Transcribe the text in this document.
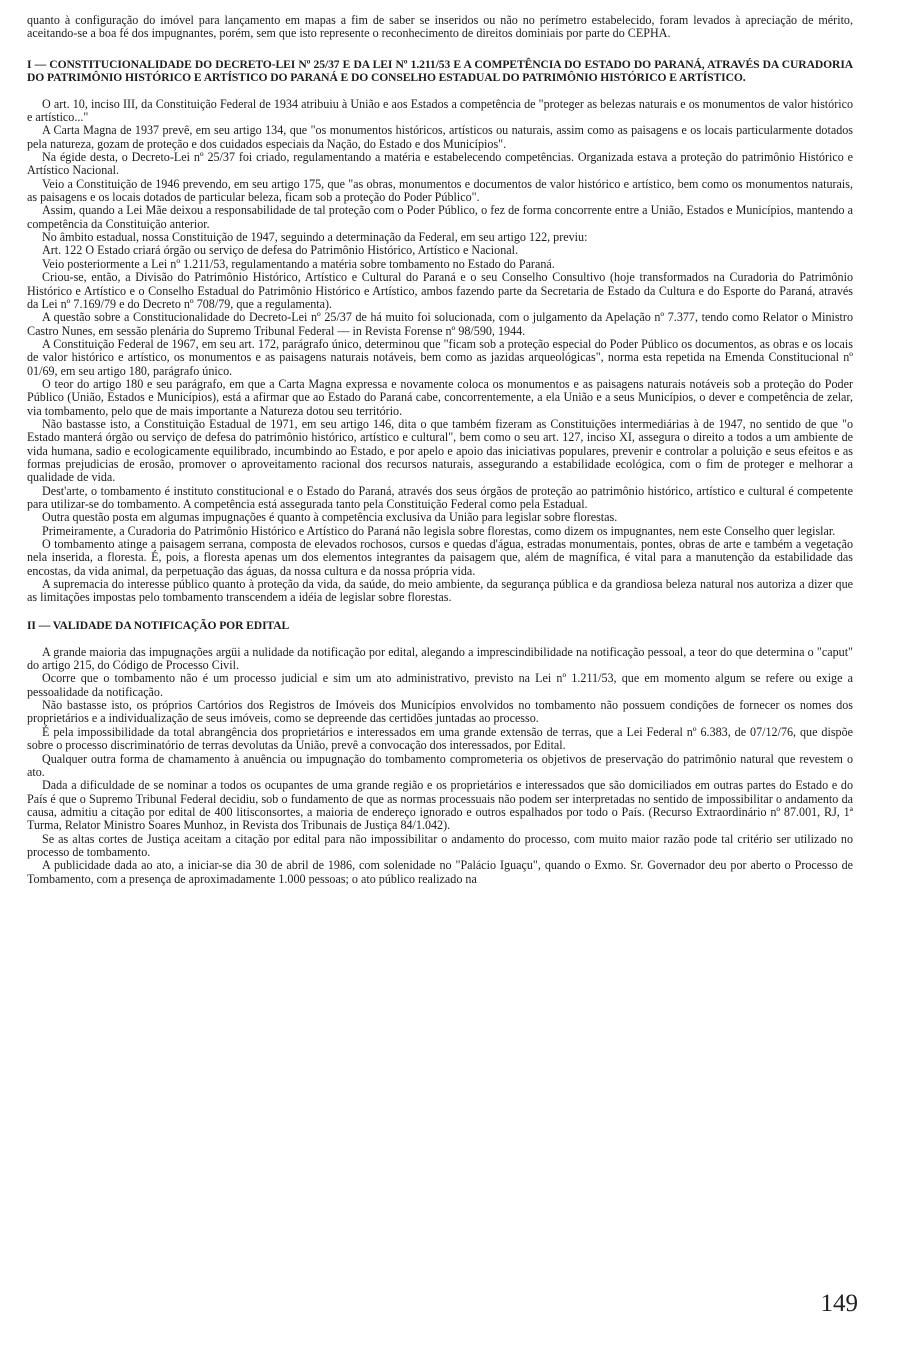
quanto à configuração do imóvel para lançamento em mapas a fim de saber se inseridos ou não no perímetro estabelecido, foram levados à apreciação de mérito, aceitando-se a boa fé dos impugnantes, porém, sem que isto represente o reconhecimento de direitos dominiais por parte do CEPHA.

I — CONSTITUCIONALIDADE DO DECRETO-LEI Nº 25/37 E DA LEI Nº 1.211/53 E A COMPETÊNCIA DO ESTADO DO PARANÁ, ATRAVÉS DA CURADORIA DO PATRIMÔNIO HISTÓRICO E ARTÍSTICO DO PARANÁ E DO CONSELHO ESTADUAL DO PATRIMÔNIO HISTÓRICO E ARTÍSTICO.

O art. 10, inciso III, da Constituição Federal de 1934 atribuiu à União e aos Estados a competência de "proteger as belezas naturais e os monumentos de valor histórico e artístico..."

A Carta Magna de 1937 prevê, em seu artigo 134, que "os monumentos históricos, artísticos ou naturais, assim como as paisagens e os locais particularmente dotados pela natureza, gozam de proteção e dos cuidados especiais da Nação, do Estado e dos Municípios".

Na égide desta, o Decreto-Lei nº 25/37 foi criado, regulamentando a matéria e estabelecendo competências. Organizada estava a proteção do patrimônio Histórico e Artístico Nacional.

Veio a Constituição de 1946 prevendo, em seu artigo 175, que "as obras, monumentos e documentos de valor histórico e artístico, bem como os monumentos naturais, as paisagens e os locais dotados de particular beleza, ficam sob a proteção do Poder Público".

Assim, quando a Lei Mãe deixou a responsabilidade de tal proteção com o Poder Público, o fez de forma concorrente entre a União, Estados e Municípios, mantendo a competência da Constituição anterior.

No âmbito estadual, nossa Constituição de 1947, seguindo a determinação da Federal, em seu artigo 122, previu:

Art. 122 O Estado criará órgão ou serviço de defesa do Patrimônio Histórico, Artístico e Nacional.

Veio posteriormente a Lei nº 1.211/53, regulamentando a matéria sobre tombamento no Estado do Paraná.

Criou-se, então, a Divisão do Patrimônio Histórico, Artístico e Cultural do Paraná e o seu Conselho Consultivo (hoje transformados na Curadoria do Patrimônio Histórico e Artístico e o Conselho Estadual do Patrimônio Histórico e Artístico, ambos fazendo parte da Secretaria de Estado da Cultura e do Esporte do Paraná, através da Lei nº 7.169/79 e do Decreto nº 708/79, que a regulamenta).

A questão sobre a Constitucionalidade do Decreto-Lei nº 25/37 de há muito foi solucionada, com o julgamento da Apelação nº 7.377, tendo como Relator o Ministro Castro Nunes, em sessão plenária do Supremo Tribunal Federal — in Revista Forense nº 98/590, 1944.

A Constituição Federal de 1967, em seu art. 172, parágrafo único, determinou que "ficam sob a proteção especial do Poder Público os documentos, as obras e os locais de valor histórico e artístico, os monumentos e as paisagens naturais notáveis, bem como as jazidas arqueológicas", norma esta repetida na Emenda Constitucional nº 01/69, em seu artigo 180, parágrafo único.

O teor do artigo 180 e seu parágrafo, em que a Carta Magna expressa e novamente coloca os monumentos e as paisagens naturais notáveis sob a proteção do Poder Público (União, Estados e Municípios), está a afirmar que ao Estado do Paraná cabe, concorrentemente, a ela União e a seus Municípios, o dever e competência de zelar, via tombamento, pelo que de mais importante a Natureza dotou seu território.

Não bastasse isto, a Constituição Estadual de 1971, em seu artigo 146, dita o que também fizeram as Constituições intermediárias à de 1947, no sentido de que "o Estado manterá órgão ou serviço de defesa do patrimônio histórico, artístico e cultural", bem como o seu art. 127, inciso XI, assegura o direito a todos a um ambiente de vida humana, sadio e ecologicamente equilibrado, incumbindo ao Estado, e por apelo e apoio das iniciativas populares, prevenir e controlar a poluição e seus efeitos e as formas prejudicias de erosão, promover o aproveitamento racional dos recursos naturais, assegurando a estabilidade ecológica, com o fim de proteger e melhorar a qualidade de vida.

Dest'arte, o tombamento é instituto constitucional e o Estado do Paraná, através dos seus órgãos de proteção ao patrimônio histórico, artístico e cultural é competente para utilizar-se do tombamento. A competência está assegurada tanto pela Constituição Federal como pela Estadual.

Outra questão posta em algumas impugnações é quanto à competência exclusiva da União para legislar sobre florestas.

Primeiramente, a Curadoria do Patrimônio Histórico e Artístico do Paraná não legisla sobre florestas, como dizem os impugnantes, nem este Conselho quer legislar.

O tombamento atinge a paisagem serrana, composta de elevados rochosos, cursos e quedas d'água, estradas monumentais, pontes, obras de arte e também a vegetação nela inserida, a floresta. É, pois, a floresta apenas um dos elementos integrantes da paisagem que, além de magnífica, é vital para a manutenção da estabilidade das encostas, da vida animal, da perpetuação das águas, da nossa cultura e da nossa própria vida.

A supremacia do interesse público quanto à proteção da vida, da saúde, do meio ambiente, da segurança pública e da grandiosa beleza natural nos autoriza a dizer que as limitações impostas pelo tombamento transcendem a idéia de legislar sobre florestas.

II — VALIDADE DA NOTIFICAÇÃO POR EDITAL

A grande maioria das impugnações argüi a nulidade da notificação por edital, alegando a imprescindibilidade na notificação pessoal, a teor do que determina o "caput" do artigo 215, do Código de Processo Civil.

Ocorre que o tombamento não é um processo judicial e sim um ato administrativo, previsto na Lei nº 1.211/53, que em momento algum se refere ou exige a pessoalidade da notificação.

Não bastasse isto, os próprios Cartórios dos Registros de Imóveis dos Municípios envolvidos no tombamento não possuem condições de fornecer os nomes dos proprietários e a individualização de seus imóveis, como se depreende das certidões juntadas ao processo.

É pela impossibilidade da total abrangência dos proprietários e interessados em uma grande extensão de terras, que a Lei Federal nº 6.383, de 07/12/76, que dispõe sobre o processo discriminatório de terras devolutas da União, prevê a convocação dos interessados, por Edital.

Qualquer outra forma de chamamento à anuência ou impugnação do tombamento comprometeria os objetivos de preservação do patrimônio natural que revestem o ato.

Dada a dificuldade de se nominar a todos os ocupantes de uma grande região e os proprietários e interessados que são domiciliados em outras partes do Estado e do País é que o Supremo Tribunal Federal decidiu, sob o fundamento de que as normas processuais não podem ser interpretadas no sentido de impossibilitar o andamento da causa, admitiu a citação por edital de 400 litisconsortes, a maioria de endereço ignorado e outros espalhados por todo o País. (Recurso Extraordinário nº 87.001, RJ, 1ª Turma, Relator Ministro Soares Munhoz, in Revista dos Tribunais de Justiça 84/1.042).

Se as altas cortes de Justiça aceitam a citação por edital para não impossibilitar o andamento do processo, com muito maior razão pode tal critério ser utilizado no processo de tombamento.

A publicidade dada ao ato, a iniciar-se dia 30 de abril de 1986, com solenidade no "Palácio Iguaçu", quando o Exmo. Sr. Governador deu por aberto o Processo de Tombamento, com a presença de aproximadamente 1.000 pessoas; o ato público realizado na

149
